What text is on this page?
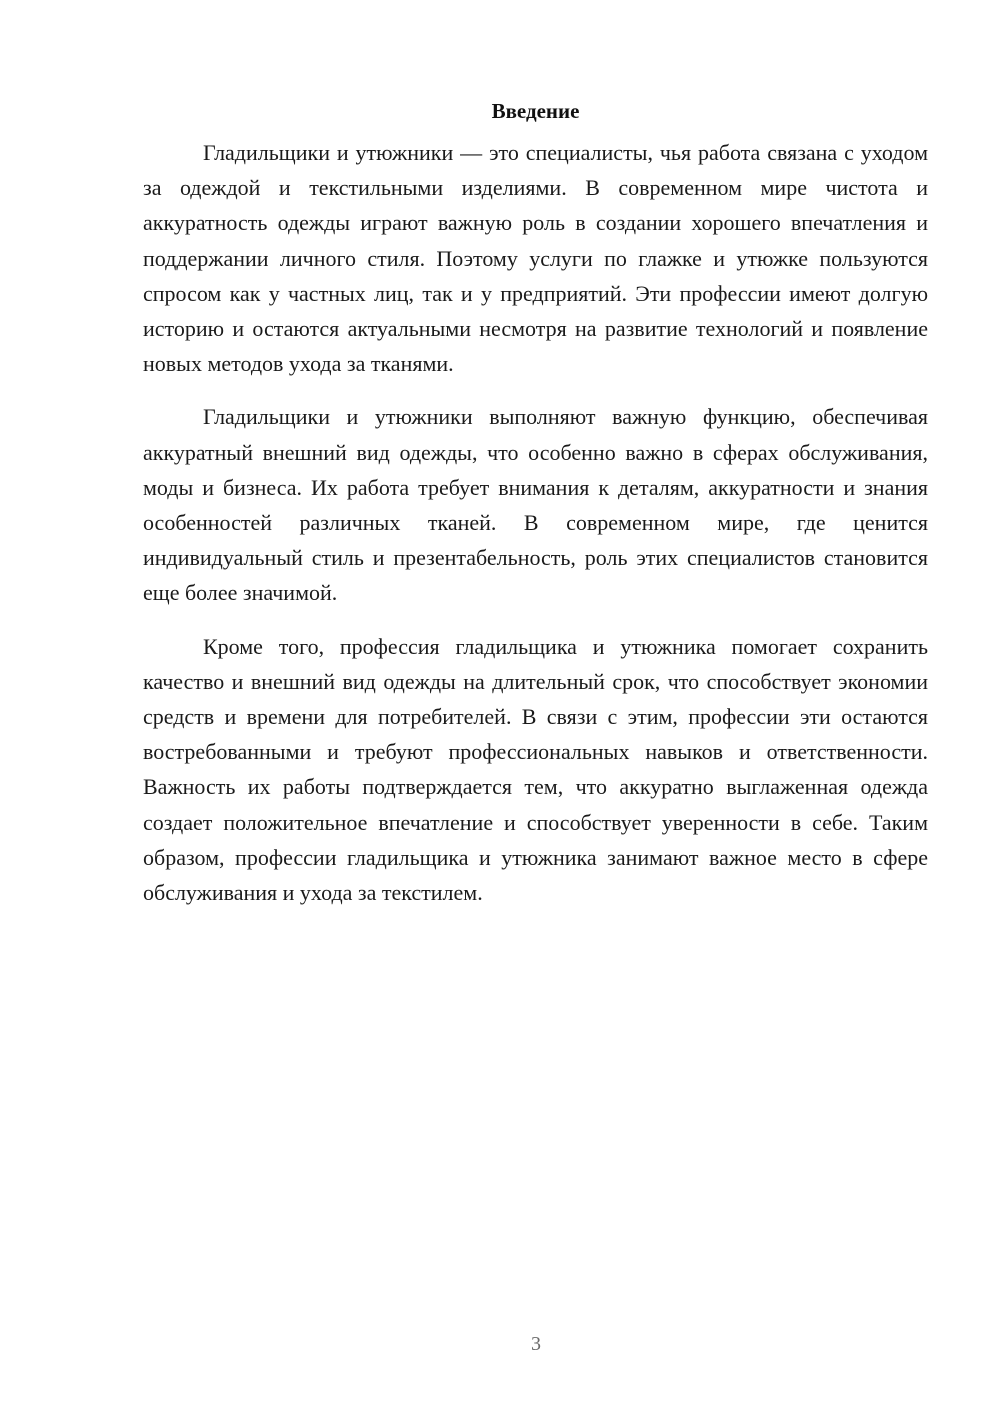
Введение

Гладильщики и утюжники — это специалисты, чья работа связана с уходом за одеждой и текстильными изделиями. В современном мире чистота и аккуратность одежды играют важную роль в создании хорошего впечатления и поддержании личного стиля. Поэтому услуги по глажке и утюжке пользуются спросом как у частных лиц, так и у предприятий. Эти профессии имеют долгую историю и остаются актуальными несмотря на развитие технологий и появление новых методов ухода за тканями.

Гладильщики и утюжники выполняют важную функцию, обеспечивая аккуратный внешний вид одежды, что особенно важно в сферах обслуживания, моды и бизнеса. Их работа требует внимания к деталям, аккуратности и знания особенностей различных тканей. В современном мире, где ценится индивидуальный стиль и презентабельность, роль этих специалистов становится еще более значимой.

Кроме того, профессия гладильщика и утюжника помогает сохранить качество и внешний вид одежды на длительный срок, что способствует экономии средств и времени для потребителей. В связи с этим, профессии эти остаются востребованными и требуют профессиональных навыков и ответственности. Важность их работы подтверждается тем, что аккуратно выглаженная одежда создает положительное впечатление и способствует уверенности в себе. Таким образом, профессии гладильщика и утюжника занимают важное место в сфере обслуживания и ухода за текстилем.

3
